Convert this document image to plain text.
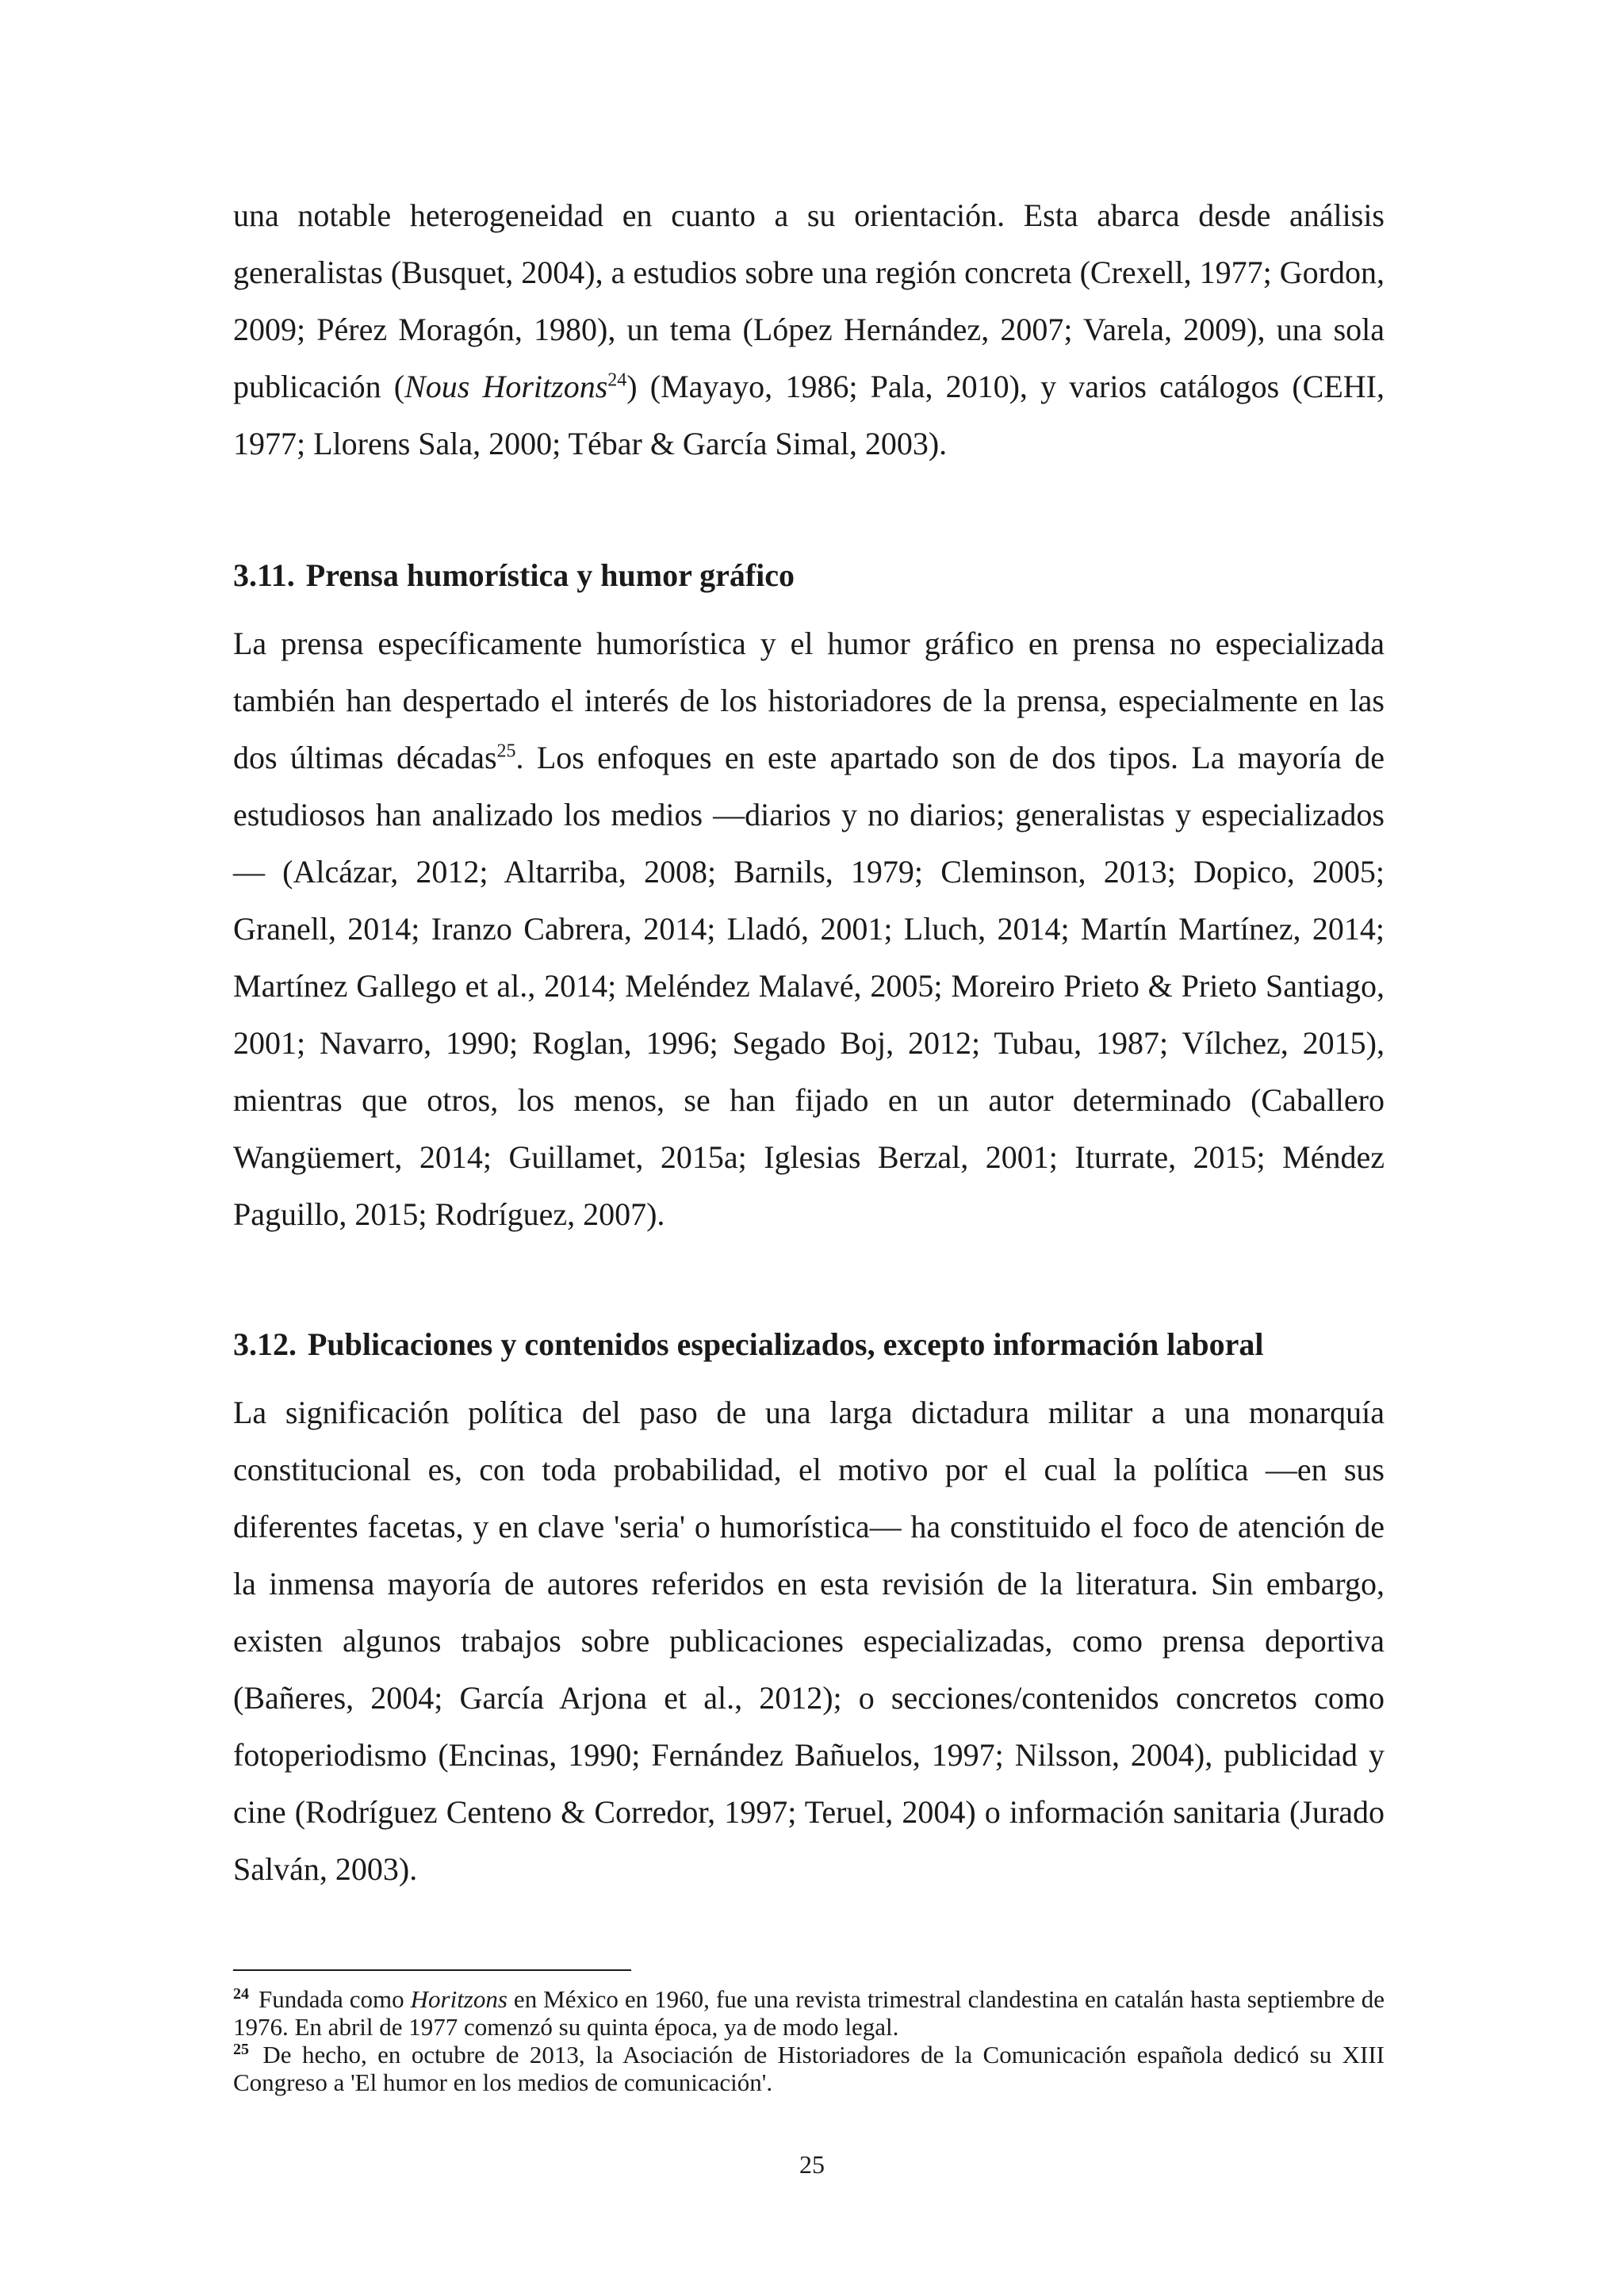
una notable heterogeneidad en cuanto a su orientación. Esta abarca desde análisis generalistas (Busquet, 2004), a estudios sobre una región concreta (Crexell, 1977; Gordon, 2009; Pérez Moragón, 1980), un tema (López Hernández, 2007; Varela, 2009), una sola publicación (Nous Horitzons$^{24}$) (Mayayo, 1986; Pala, 2010), y varios catálogos (CEHI, 1977; Llorens Sala, 2000; Tébar & García Simal, 2003).

3.11. Prensa humorística y humor gráfico

La prensa específicamente humorística y el humor gráfico en prensa no especializada también han despertado el interés de los historiadores de la prensa, especialmente en las dos últimas décadas$^{25}$. Los enfoques en este apartado son de dos tipos. La mayoría de estudiosos han analizado los medios —diarios y no diarios; generalistas y especializados— (Alcázar, 2012; Altarriba, 2008; Barnils, 1979; Cleminson, 2013; Dopico, 2005; Granell, 2014; Iranzo Cabrera, 2014; Lladó, 2001; Lluch, 2014; Martín Martínez, 2014; Martínez Gallego et al., 2014; Meléndez Malavé, 2005; Moreiro Prieto & Prieto Santiago, 2001; Navarro, 1990; Roglan, 1996; Segado Boj, 2012; Tubau, 1987; Vílchez, 2015), mientras que otros, los menos, se han fijado en un autor determinado (Caballero Wangüemert, 2014; Guillamet, 2015a; Iglesias Berzal, 2001; Iturrate, 2015; Méndez Paguillo, 2015; Rodríguez, 2007).

3.12. Publicaciones y contenidos especializados, excepto información laboral

La significación política del paso de una larga dictadura militar a una monarquía constitucional es, con toda probabilidad, el motivo por el cual la política —en sus diferentes facetas, y en clave 'seria' o humorística— ha constituido el foco de atención de la inmensa mayoría de autores referidos en esta revisión de la literatura. Sin embargo, existen algunos trabajos sobre publicaciones especializadas, como prensa deportiva (Bañeres, 2004; García Arjona et al., 2012); o secciones/contenidos concretos como fotoperiodismo (Encinas, 1990; Fernández Bañuelos, 1997; Nilsson, 2004), publicidad y cine (Rodríguez Centeno & Corredor, 1997; Teruel, 2004) o información sanitaria (Jurado Salván, 2003).

$^{24}$ Fundada como Horitzons en México en 1960, fue una revista trimestral clandestina en catalán hasta septiembre de 1976. En abril de 1977 comenzó su quinta época, ya de modo legal.

$^{25}$ De hecho, en octubre de 2013, la Asociación de Historiadores de la Comunicación española dedicó su XIII Congreso a 'El humor en los medios de comunicación'.

25
